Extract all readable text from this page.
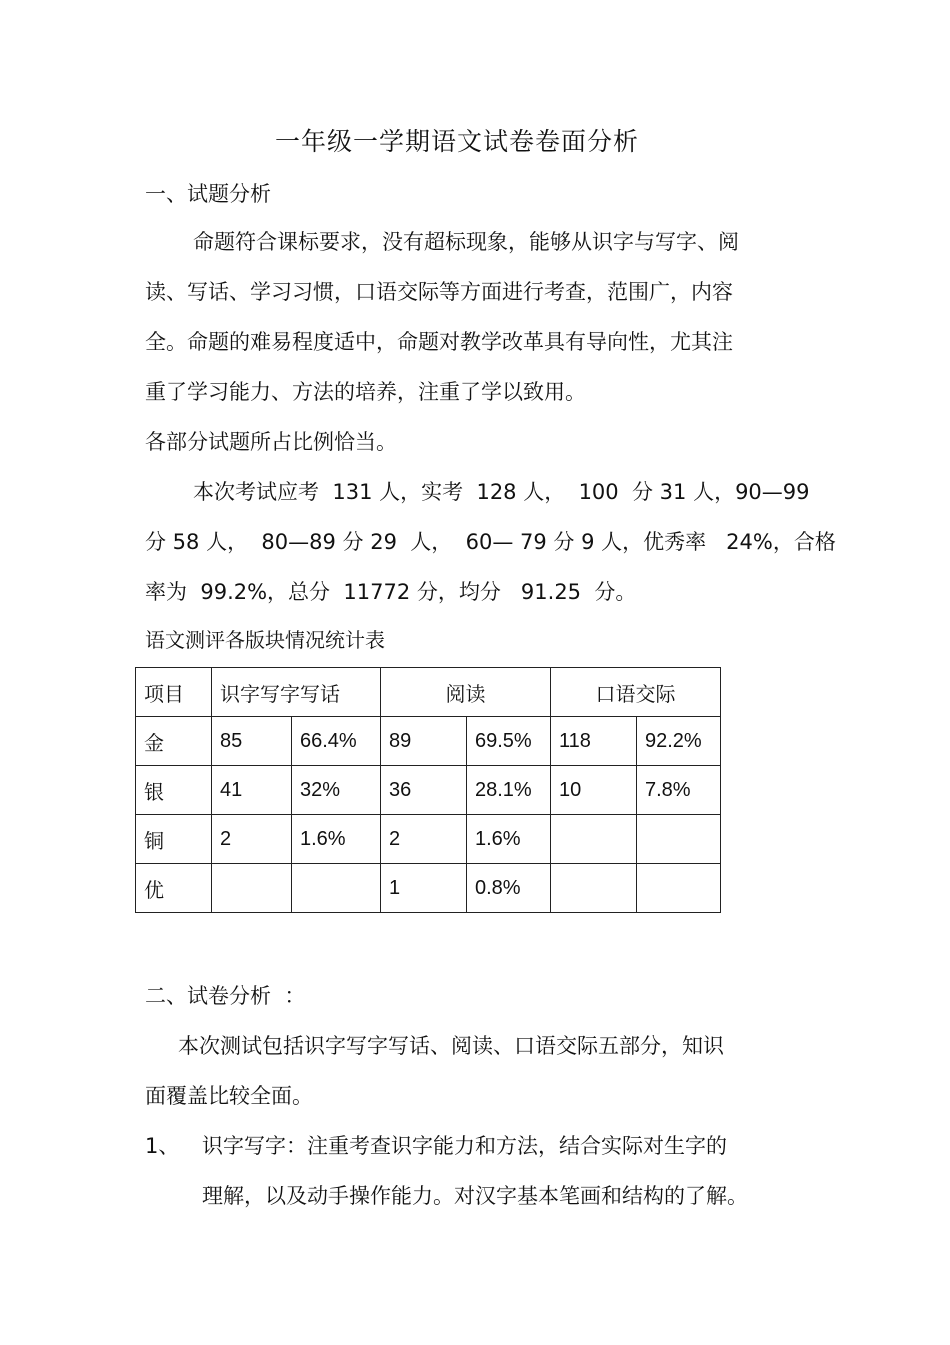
一年级一学期语文试卷卷面分析
一、试题分析
命题符合课标要求，没有超标现象，能够从识字与写字、阅
读、写话、学习习惯，口语交际等方面进行考查，范围广，内容
全。命题的难易程度适中，命题对教学改革具有导向性，尤其注
重了学习能力、方法的培养，注重了学以致用。
各部分试题所占比例恰当。
本次考试应考  131 人，实考  128 人，  100  分 31 人，90—99
分 58 人，  80—89 分 29  人，  60— 79 分 9 人，优秀率   24%，合格
率为  99.2%，总分  11772 分，均分   91.25  分。
语文测评各版块情况统计表
项目	识字写字写话		阅读		口语交际	
金	85	66.4%	89	69.5%	118	92.2%
银	41	32%	36	28.1%	10	7.8%
铜	2	1.6%	2	1.6%		
优			1	0.8%		
二、试卷分析  ：
本次测试包括识字写字写话、阅读、口语交际五部分，知识
面覆盖比较全面。
1、 识字写字：注重考查识字能力和方法，结合实际对生字的
理解，以及动手操作能力。对汉字基本笔画和结构的了解。
